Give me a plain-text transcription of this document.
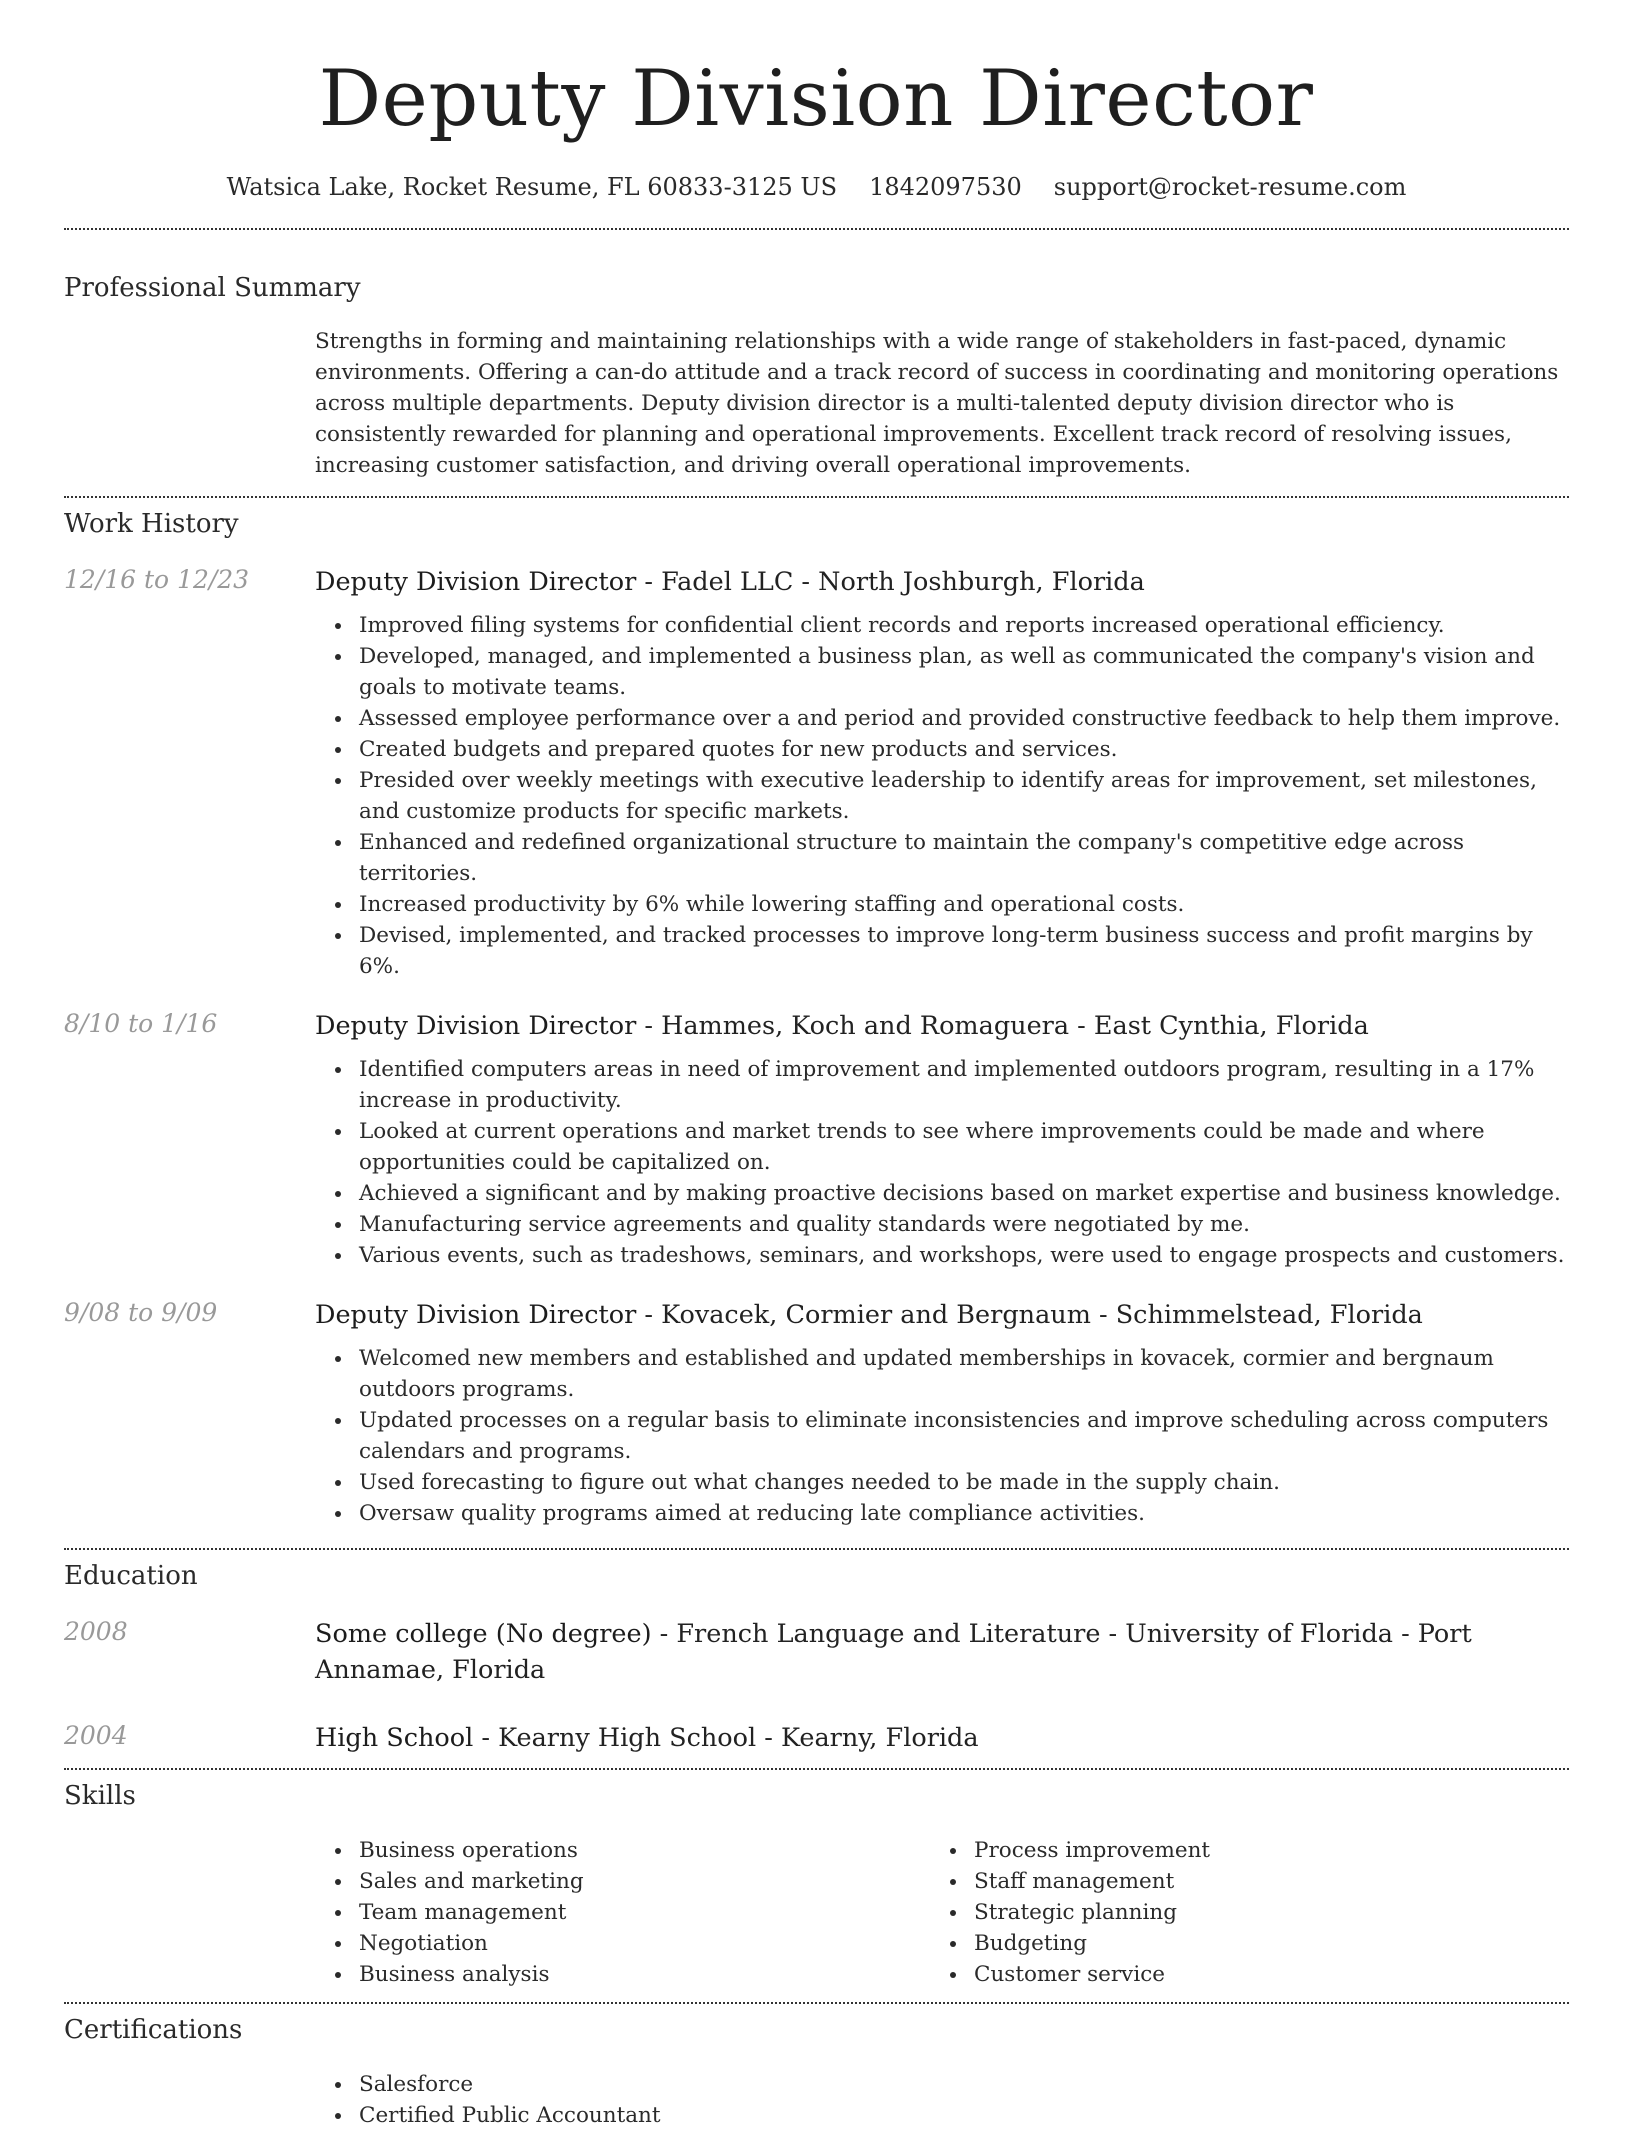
Deputy Division Director
Watsica Lake, Rocket Resume, FL 60833-3125 US 1842097530 support@rocket-resume.com
Professional Summary

Strengths in forming and maintaining relationships with a wide range of stakeholders in fast-paced, dynamic environments. Offering a can-do attitude and a track record of success in coordinating and monitoring operations across multiple departments. Deputy division director is a multi-talented deputy division director who is consistently rewarded for planning and operational improvements. Excellent track record of resolving issues, increasing customer satisfaction, and driving overall operational improvements.

Work History
12/16 to 12/23	Deputy Division Director - Fadel LLC - North Joshburgh, Florida
Improved filing systems for confidential client records and reports increased operational efficiency.
Developed, managed, and implemented a business plan, as well as communicated the company's vision and goals to motivate teams.
Assessed employee performance over a and period and provided constructive feedback to help them improve.
Created budgets and prepared quotes for new products and services.
Presided over weekly meetings with executive leadership to identify areas for improvement, set milestones, and customize products for specific markets.
Enhanced and redefined organizational structure to maintain the company's competitive edge across territories.
Increased productivity by 6% while lowering staffing and operational costs.
Devised, implemented, and tracked processes to improve long-term business success and profit margins by 6%.
8/10 to 1/16	Deputy Division Director - Hammes, Koch and Romaguera - East Cynthia, Florida
Identified computers areas in need of improvement and implemented outdoors program, resulting in a 17% increase in productivity.
Looked at current operations and market trends to see where improvements could be made and where opportunities could be capitalized on.
Achieved a significant and by making proactive decisions based on market expertise and business knowledge.
Manufacturing service agreements and quality standards were negotiated by me.
Various events, such as tradeshows, seminars, and workshops, were used to engage prospects and customers.
9/08 to 9/09	Deputy Division Director - Kovacek, Cormier and Bergnaum - Schimmelstead, Florida
Welcomed new members and established and updated memberships in kovacek, cormier and bergnaum outdoors programs.
Updated processes on a regular basis to eliminate inconsistencies and improve scheduling across computers calendars and programs.
Used forecasting to figure out what changes needed to be made in the supply chain.
Oversaw quality programs aimed at reducing late compliance activities.
Education
2008	Some college (No degree) - French Language and Literature - University of Florida - Port Annamae, Florida
2004	High School - Kearny High School - Kearny, Florida
Skills
Business operations
Sales and marketing
Team management
Negotiation
Business analysis
Process improvement
Staff management
Strategic planning
Budgeting
Customer service
Certifications
Salesforce
Certified Public Accountant
